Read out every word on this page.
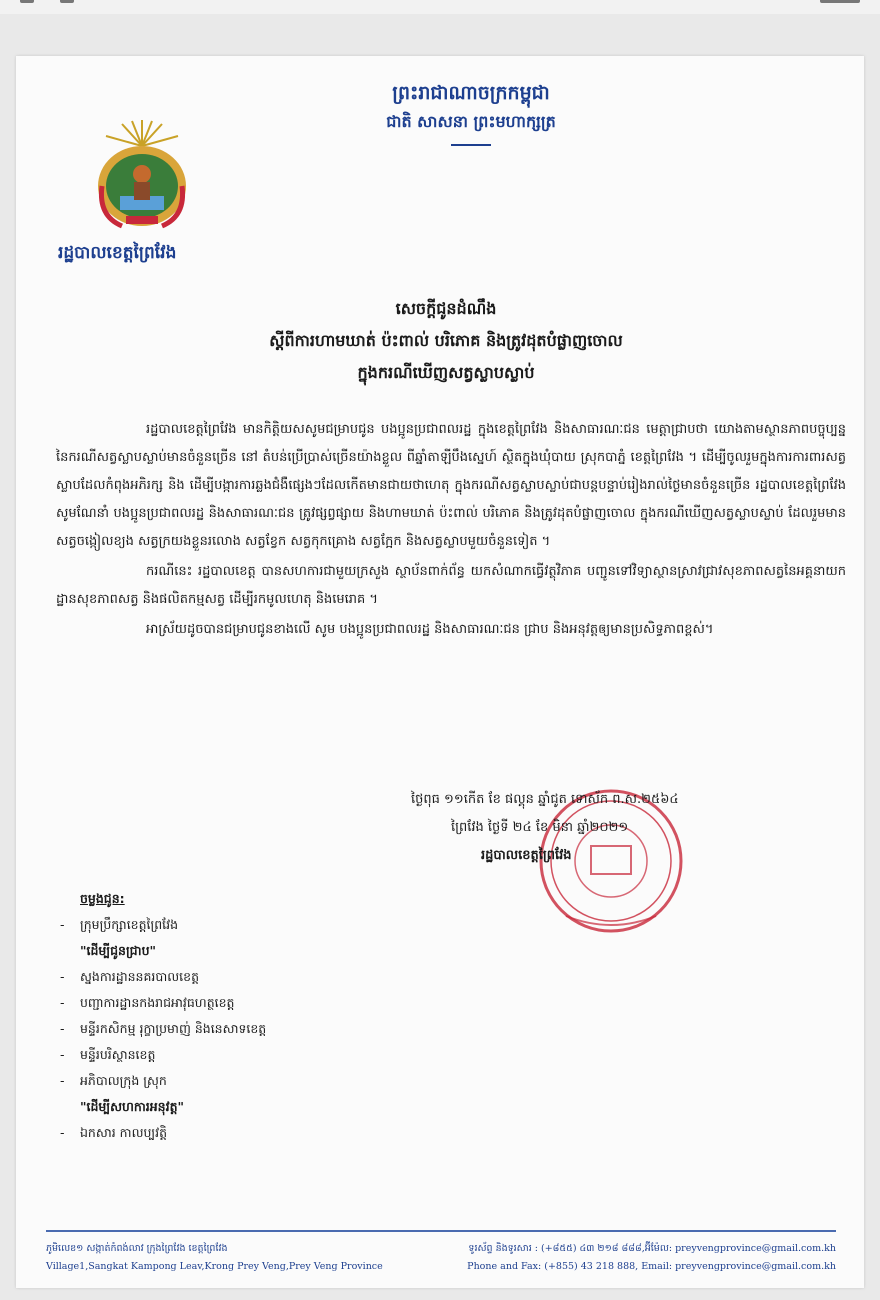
ព្រះរាជាណាចក្រកម្ពុជា
ជាតិ សាសនា ព្រះមហាក្សត្រ
រដ្ឋបាលខេត្តព្រៃវែង
សេចក្តីជូនដំណឹង
ស្តីពីការហាមឃាត់ ប៉ះពាល់ បរិភោគ និងត្រូវដុតបំផ្លាញចោល
ក្នុងករណីឃើញសត្វស្លាបស្លាប់

រដ្ឋបាលខេត្តព្រៃវែង មានកិត្តិយសសូមជម្រាបជូន បងប្អូនប្រជាពលរដ្ឋ ក្នុងខេត្តព្រៃវែង និងសាធារណៈជន មេត្តាជ្រាបថា យោងតាមស្ថានភាពបច្ចុប្បន្ន នៃករណីសត្វស្លាបស្លាប់មានចំនួនច្រើន នៅ តំបន់ប្រើប្រាស់ច្រើនយ៉ាងខ្លួល ពីឆ្នាំតាឡីបឹងស្នេហ៍ ស្ថិតក្នុងឃុំបាយ ស្រុកបាភ្នំ ខេត្តព្រៃវែង ។ ដើម្បីចូលរួមក្នុងការការពារសត្វស្លាបដែលកំពុងអភិរក្ស និង ដើម្បីបង្ការការឆ្លងជំងឺផ្សេងៗដែលកើតមានជាយថាហេតុ ក្នុងករណីសត្វស្លាបស្លាប់ជាបន្តបន្ទាប់រៀងរាល់ថ្ងៃមានចំនួនច្រើន រដ្ឋបាលខេត្តព្រៃវែង សូមណែនាំ បងប្អូនប្រជាពលរដ្ឋ និងសាធារណៈជន ត្រូវផ្សព្វផ្សាយ និងហាមឃាត់ ប៉ះពាល់ បរិភោគ និងត្រូវដុតបំផ្លាញចោល ក្នុងករណីឃើញសត្វស្លាបស្លាប់ ដែលរួមមានសត្វចង្កៀលខ្យង សត្វក្រយងខ្លួនរលោង សត្វខ្វែក សត្វកុកគ្រោង សត្វក្អែក និងសត្វស្លាបមួយចំនួនទៀត ។

ករណីនេះ រដ្ឋបាលខេត្ត បានសហការជាមួយក្រសួង ស្ថាប័នពាក់ព័ន្ធ យកសំណាកធ្វើវត្ថុវិភាគ បញ្ជូនទៅវិទ្យាស្ថានស្រាវជ្រាវសុខភាពសត្វនៃអគ្គនាយកដ្ឋានសុខភាពសត្វ និងផលិតកម្មសត្វ ដើម្បីរកមូលហេតុ និងមេរោគ ។

អាស្រ័យដូចបានជម្រាបជូនខាងលើ សូម បងប្អូនប្រជាពលរដ្ឋ និងសាធារណៈជន ជ្រាប និងអនុវត្តឲ្យមានប្រសិទ្ធភាពខ្ពស់។

ថ្ងៃពុធ ១១កើត ខែ ផល្គុន ឆ្នាំជូត ទោស័ក ព.ស.២៥៦៤
ព្រៃវែង ថ្ងៃទី ២៤ ខែ មិនា ឆ្នាំ២០២១
រដ្ឋបាលខេត្តព្រៃវែង
ចម្លងជូន:
- ក្រុមប្រឹក្សាខេត្តព្រៃវែង
"ដើម្បីជូនជ្រាប"
- ស្នងការដ្ឋាននគរបាលខេត្ត
- បញ្ជាការដ្ឋានកងរាជអាវុធហត្ថខេត្ត
- មន្ទីរកសិកម្ម រុក្ខាប្រមាញ់ និងនេសាទខេត្ត
- មន្ទីរបរិស្ថានខេត្ត
- អភិបាលក្រុង ស្រុក
"ដើម្បីសហការអនុវត្ត"
- ឯកសារ កាលប្បវត្តិ
ភូមិលេខ១ សង្កាត់កំពង់លាវ ក្រុងព្រៃវែង ខេត្តព្រៃវែង
Village1,Sangkat Kampong Leav,Krong Prey Veng,Prey Veng Province
ទូរស័ព្ទ និងទូរសារ : (+៨៥៥) ៤៣ ២១៨ ៨៨៨,អ៊ីម៉ែល: preyvengprovince@gmail.com.kh
Phone and Fax: (+855) 43 218 888, Email: preyvengprovince@gmail.com.kh
